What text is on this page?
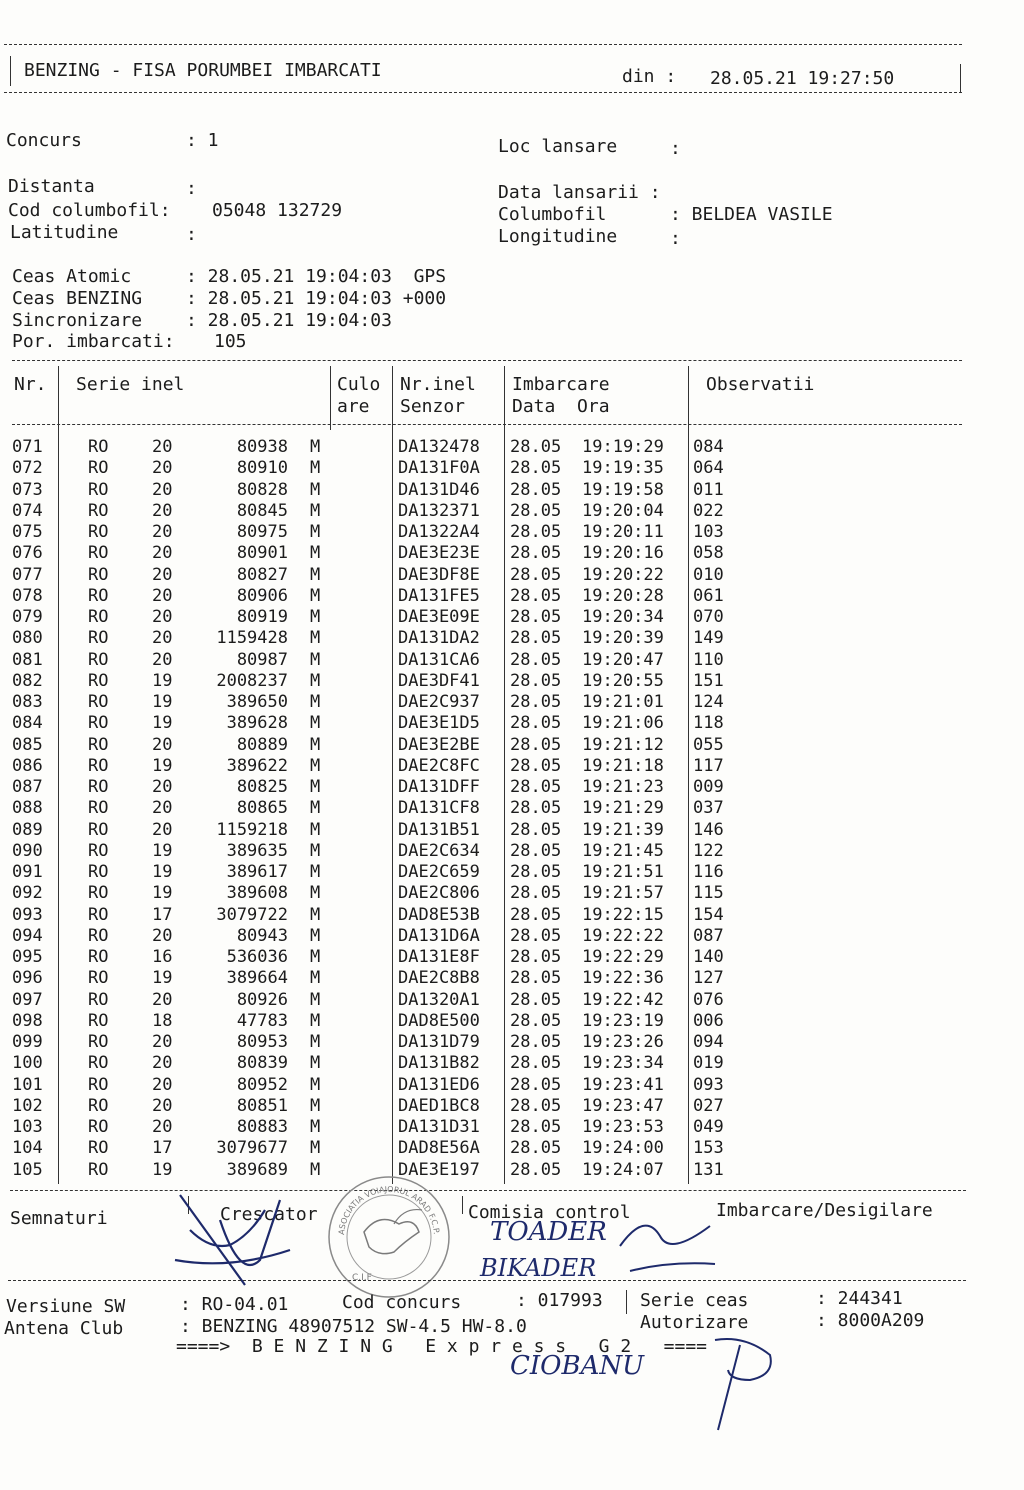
BENZING - FISA PORUMBEI IMBARCATI	din : 28.05.21 19:27:50
Concurs	: 1	Loc lansare	:
Distanta	:	Data lansarii :
Cod columbofil: 05048 132729	Columbofil	: BELDEA VASILE
Latitudine	:	Longitudine	:
Ceas Atomic	: 28.05.21 19:04:03  GPS
Ceas BENZING : 28.05.21 19:04:03 +000
Sincronizare : 28.05.21 19:04:03
Por. imbarcati: 105
Nr. Serie inel	Culo
are
Nr.inel
Senzor
Imbarcare
Data  Ora
Observatii
071	RO	20	80938 M	DA132478 28.05 19:19:29 084
072	RO	20	80910 M	DA131F0A 28.05 19:19:35 064
073	RO	20	80828 M	DA131D46 28.05 19:19:58 011
074	RO	20	80845 M	DA132371 28.05 19:20:04 022
075	RO	20	80975 M	DA1322A4 28.05 19:20:11 103
076	RO	20	80901 M	DAE3E23E 28.05 19:20:16 058
077	RO	20	80827 M	DAE3DF8E 28.05 19:20:22 010
078	RO	20	80906 M	DA131FE5 28.05 19:20:28 061
079	RO	20	80919 M	DAE3E09E 28.05 19:20:34 070
080	RO	20	1159428 M	DA131DA2 28.05 19:20:39 149
081	RO	20	80987 M	DA131CA6 28.05 19:20:47 110
082	RO	19	2008237 M	DAE3DF41 28.05 19:20:55 151
083	RO	19	389650 M	DAE2C937 28.05 19:21:01 124
084	RO	19	389628 M	DAE3E1D5 28.05 19:21:06 118
085	RO	20	80889 M	DAE3E2BE 28.05 19:21:12 055
086	RO	19	389622 M	DAE2C8FC 28.05 19:21:18 117
087	RO	20	80825 M	DA131DFF 28.05 19:21:23 009
088	RO	20	80865 M	DA131CF8 28.05 19:21:29 037
089	RO	20	1159218 M	DA131B51 28.05 19:21:39 146
090	RO	19	389635 M	DAE2C634 28.05 19:21:45 122
091	RO	19	389617 M	DAE2C659 28.05 19:21:51 116
092	RO	19	389608 M	DAE2C806 28.05 19:21:57 115
093	RO	17	3079722 M	DAD8E53B 28.05 19:22:15 154
094	RO	20	80943 M	DA131D6A 28.05 19:22:22 087
095	RO	16	536036 M	DA131E8F 28.05 19:22:29 140
096	RO	19	389664 M	DAE2C8B8 28.05 19:22:36 127
097	RO	20	80926 M	DA1320A1 28.05 19:22:42 076
098	RO	18	47783 M	DAD8E500 28.05 19:23:19 006
099	RO	20	80953 M	DA131D79 28.05 19:23:26 094
100	RO	20	80839 M	DA131B82 28.05 19:23:34 019
101	RO	20	80952 M	DA131ED6 28.05 19:23:41 093
102	RO	20	80851 M	DAED1BC8 28.05 19:23:47 027
103	RO	20	80883 M	DA131D31 28.05 19:23:53 049
104	RO	17	3079677 M	DAD8E56A 28.05 19:24:00 153
105	RO	19	389689 M	DAE3E197 28.05 19:24:07 131
Semnaturi	Crescator	Comisia control	Imbarcare/Desigilare
ASOCIATIA VOIAJORUL ARAD F.C.P.R.
C.I.F
TOADER
BIKADER
Versiune SW	: RO-04.01	Cod concurs	: 017993 Serie ceas	: 244341
Antena Club	: BENZING 48907512 SW-4.5 HW-8.0	Autorizare	: 8000A209
====>  B E N Z I N G   E x p r e s s   G 2   ====
CIOBANU
